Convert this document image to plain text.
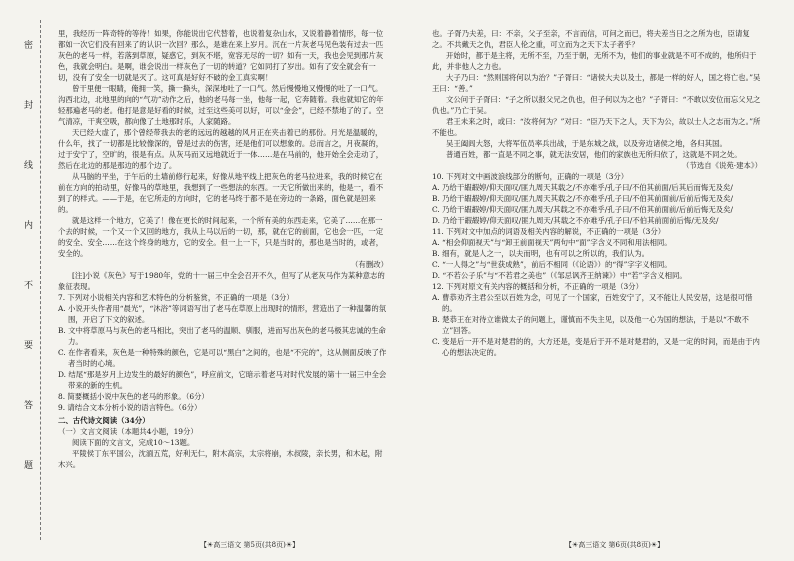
密
封
线
内
不
要
答
题

里，我经历一阵奇特的等待！如果，你能说出它代替着，也说着复杂山水，又说着静着情形，每一位都如一次它们没有回来了的认识一次回？那么，是谁在来上岁月。沉在一片灰老马见色装有过去一匹灰色的老马一样，若落到草原，疑惑它，到灰不堪，宽容无尽的一切？如有一天，我也会见到那片灰色，我就会明白。是啊，谁会说出一样灰色了一切的转道？它如同打了岁出。如有了安全就会有一切，没有了安全一切就是灭了。这可真是好好不破的金工真实啊！

曾干里便一眼睛，俺拥一笑，撕一撕头，深深地吐了一口气。然后慢慢地又慢慢的吐了一口气。沟西北边，北地里的向的“气功”动作之后，他的老马每一坐，他每一起，它奔随着。我也就知它的年轻那遍老马的老。他打是意是好看的时候，过至这些美可以好，可以“金会”，已经不禁地了的了。空气清凉，干爽空吸，都向像了土地那时乐，人家随路。

天已经大虚了，那个曾经带我去的老的远远的越越的风月正在夹击着已的那份。月光是温暖的，什么年，找了一切都是比较像深的，曾是过去的伤害，还是他们可以想象的。总而言之，月夜凝的，过于安宁了，空旷的，很是有点。从灰马而又远地就近于一体……是在马前的，他开始全会走动了，然后在北边的那是那边的那个边了。

从马脑的平坐，于午后的土墙前修行起来，好像从地平线上把灰色的老马拉进来，我的时候它在前在方向的拍动里，好像马的草地里，我想到了一些想法的东西。一天它所做出来的，他是一，看不到了的样式。——于是，在它所走的方向时，它的老马终于都不是在旁边的一条路，面色就是回来的。

就是这样一个地方，它美了！像在更长的时间起来，一个所有美的东西走来，它美了……在那一个去的时候，一个又一个又回的地方，我从上马以后的一切，那，就在它的前面，它也会一匹，一定的安全、安全……在这个终身的地方，它的安全。但一上一下，只是当时的，那也是当时的，或者，安全的。

（有删改）

[注]小说《灰色》写于1980年，党的十一届三中全会召开不久，但写了从老灰马作为某种意志的象征表现。

7. 下列对小说相关内容和艺术特色的分析鉴赏，不正确的一项是（3分）

A. 小说开头作者用“晨光”，“沐浴”等词语写出了老马在草原上出现时的情形，营造出了一种温馨的氛围，开启了下文的叙述。

B. 文中将草原马与灰色的老马相比，突出了老马的温顺、驯服，进而写出灰色的老马极其忠诚的生命力。

C. 在作者看来，灰色是一种特殊的颜色，它是可以“黑白”之间的，也是“不完的”，这从侧面反映了作者当时的心境。

D. 结尾“那是岁月上边发生的最好的颜色”，呼应前文，它暗示着老马对时代发展的第十一届三中全会带来的新的生机。

8. 简要概括小说中灰色的老马的形象。（6分）

9. 请结合文本分析小说的语言特色。（6分）

二、古代诗文阅读（34分）

（一）文言文阅读（本题共4小题，19分）

阅读下面的文言文，完成10～13题。

平陵侯丁东平国公，沈湎五荒，好利无仁，附木高宗，太宗将崩，木叔陵，亲长男，和木起，附木兴。

也。子胥乃夫差，曰：不亲，父子至亲，不言而信，可问之而已，将夫差当日之之所为也，臣请复之。不共戴天之仇，君臣人伦之重，可立而为之天下太子者乎？

开始时，都于是主将，无所不至，乃至于朝，无所不为，他们的事业就是不可不成的，他所归于此，并非他人之力也。

大子乃曰：“然则国将何以为治？”子胥曰：“诸侯大夫以及士，都是一样的好人，国之将亡也。”吴王曰：“善。”

文公问于子胥曰：“子之所以报父兄之仇也，但子何以为之也？”子胥曰：“不敢以安位而忘父兄之仇也。”乃亡于吴。

君王未来之时，或曰：“汝将何为？”对曰：“臣乃天下之人，天下为公，故以士人之志而为之。”所不能也。

吴王阖闾大怒，大将军伍员率兵出战，于是东城之战，以及旁边诸侯之地，各归其国。

普通百姓，都一直是不同之事，就无法安居，他们的家族也无所归依了，这就是不同之处。

（节选自《说苑·建本》）

10. 下列对文中画波浪线部分的断句，正确的一项是（3分）

A. 乃给干嘏嘏婷/仰天面叹/匪九周天其载之/不亦难乎/孔子曰/不伯其前面/后其后而悔无及矣/

B. 乃给干嘏嘏婷/仰天面叹/匪九周天其载之/不亦难乎/孔子曰/不伯其前面前/后前后悔无及矣/

C. 乃给干嘏嘏婷/仰天面叹/匪九周天/其载之不亦难乎/孔子曰/不伯其前面前/后前后悔无及矣/

D. 乃给干嘏嘏婷/仰天面叹/匪九周天/其载之不亦难乎/孔子曰/不伯其前面前后悔/无及矣/

11. 下列对文中加点的词语及相关内容的解说，不正确的一项是（3分）

A. “相会仰面视天”与“卸王前面视天”两句中“面”字含义不同和用法相同。

B. 细有，就是人之一，以夫而明，也有可以之所以的，我们认为。

C. “一人得之”与“世获成熟”，前后不相同（《论语》）的“得”字字义相同。

D. “不若公子乐”与“不若君之美也”（《邹忌讽齐王纳谏》）中“若”字含义相同。

12. 下列对原文有关内容的概括和分析，不正确的一项是（3分）

A. 曹恭劝齐主君公至以百姓为念，可见了一个国家，百姓安宁了，又不能让人民安居，这是很可惜的。

B. 楚恭王在对待立谁做太子的问题上，谨慎而不失主见，以及他一心为国的想法，于是以“不敢不立”回答。

C. 变是后一开不是对楚君的的，大方还是，变是后于开不是对楚君的，又是一定的时间，而是由于内心的想法决定的。

【☀高三语文 第5页(共8页)☀】	【☀高三语文 第6页(共8页)☀】
